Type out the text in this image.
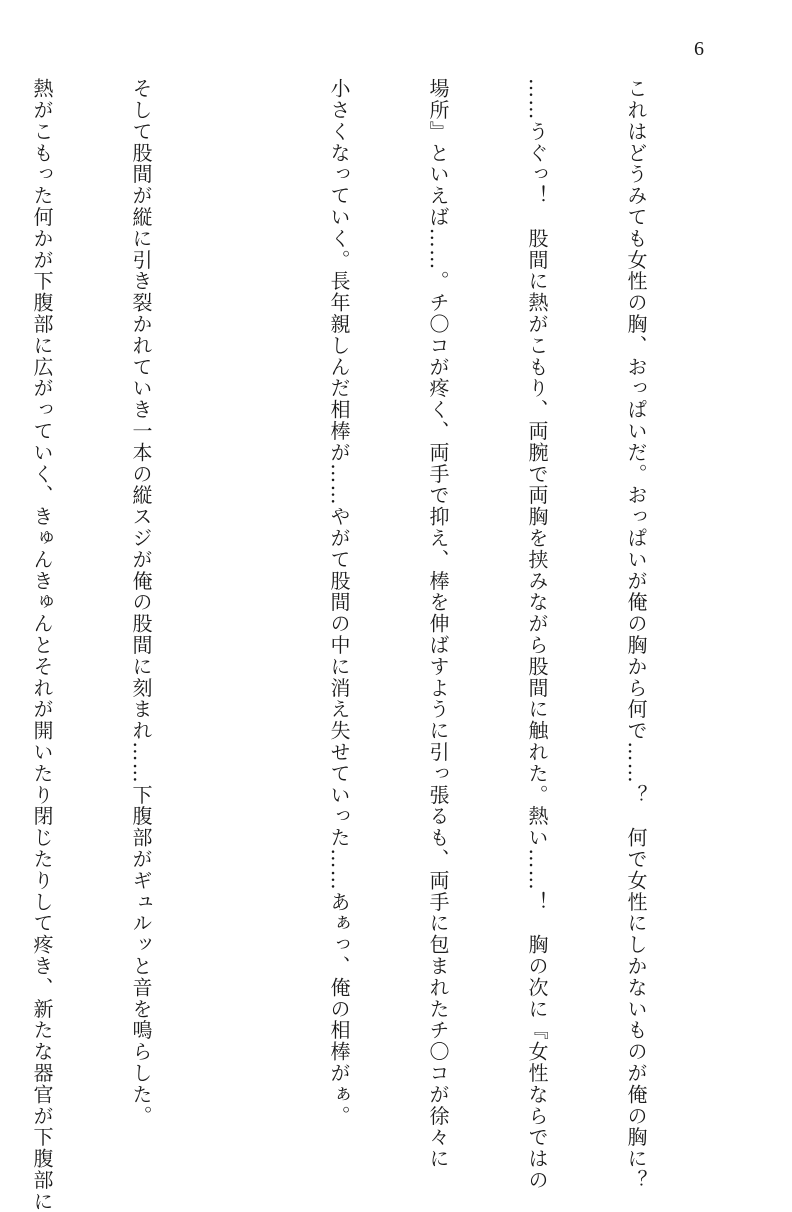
6

これはどうみても女性の胸、おっぱいだ。おっぱいが俺の胸から何で……？　何で女性にしかないものが俺の胸に？

……うぐっ！　股間に熱がこもり、両腕で両胸を挟みながら股間に触れた。熱い……！　胸の次に『女性ならではの

場所』といえば……。チ〇コが疼く、両手で抑え、棒を伸ばすように引っ張るも、両手に包まれたチ〇コが徐々に

小さくなっていく。長年親しんだ相棒が……やがて股間の中に消え失せていった……あぁっ、俺の相棒がぁ。

そして股間が縦に引き裂かれていき一本の縦スジが俺の股間に刻まれ……下腹部がギュルッと音を鳴らした。

熱がこもった何かが下腹部に広がっていく、きゅんきゅんとそれが開いたり閉じたりして疼き、新たな器官が下腹部に
